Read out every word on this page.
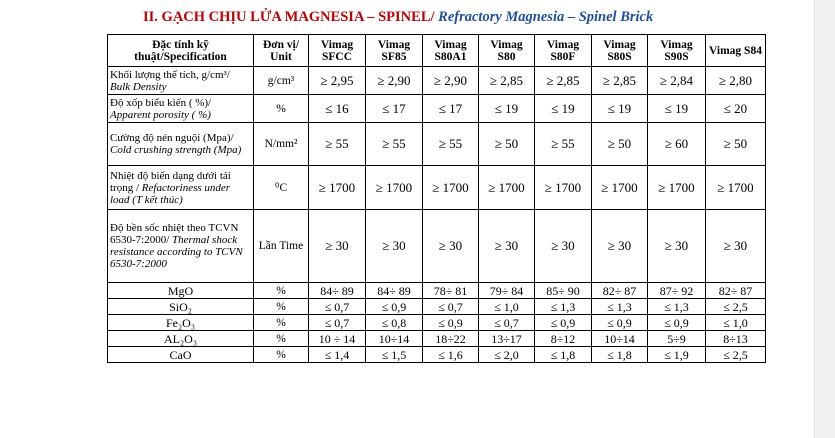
II. GẠCH CHỊU LỬA MAGNESIA – SPINEL/ Refractory Magnesia – Spinel Brick
Đặc tính kỹ thuật/Specification	Đơn vị/ Unit	Vimag SFCC	Vimag SF85	Vimag S80A1	Vimag S80	Vimag S80F	Vimag S80S	Vimag S90S	Vimag S84
Khối lượng thể tích, g/cm³/ Bulk Density	g/cm³	≥ 2,95	≥ 2,90	≥ 2,90	≥ 2,85	≥ 2,85	≥ 2,85	≥ 2,84	≥ 2,80
Độ xốp biểu kiến ( %)/ Apparent porosity ( %)	%	≤ 16	≤ 17	≤ 17	≤ 19	≤ 19	≤ 19	≤ 19	≤ 20
Cường độ nén nguội (Mpa)/ Cold crushing strength (Mpa)	N/mm²	≥ 55	≥ 55	≥ 55	≥ 50	≥ 55	≥ 50	≥ 60	≥ 50
Nhiệt độ biến dạng dưới tải trọng / Refactoriness under load (T kết thúc)	⁰C	≥ 1700	≥ 1700	≥ 1700	≥ 1700	≥ 1700	≥ 1700	≥ 1700	≥ 1700
Độ bền sốc nhiệt theo TCVN 6530-7:2000/ Thermal shock resistance according to TCVN 6530-7:2000	Lần Time	≥ 30	≥ 30	≥ 30	≥ 30	≥ 30	≥ 30	≥ 30	≥ 30
MgO	%	84÷ 89	84÷ 89	78÷ 81	79÷ 84	85÷ 90	82÷ 87	87÷ 92	82÷ 87
SiO₂	%	≤ 0,7	≤ 0,9	≤ 0,7	≤ 1,0	≤ 1,3	≤ 1,3	≤ 1,3	≤ 2,5
Fe₂O₃	%	≤ 0,7	≤ 0,8	≤ 0,9	≤ 0,7	≤ 0,9	≤ 0,9	≤ 0,9	≤ 1,0
AL₂O₃	%	10 ÷ 14	10÷14	18÷22	13÷17	8÷12	10÷14	5÷9	8÷13
CaO	%	≤ 1,4	≤ 1,5	≤ 1,6	≤ 2,0	≤ 1,8	≤ 1,8	≤ 1,9	≤ 2,5
